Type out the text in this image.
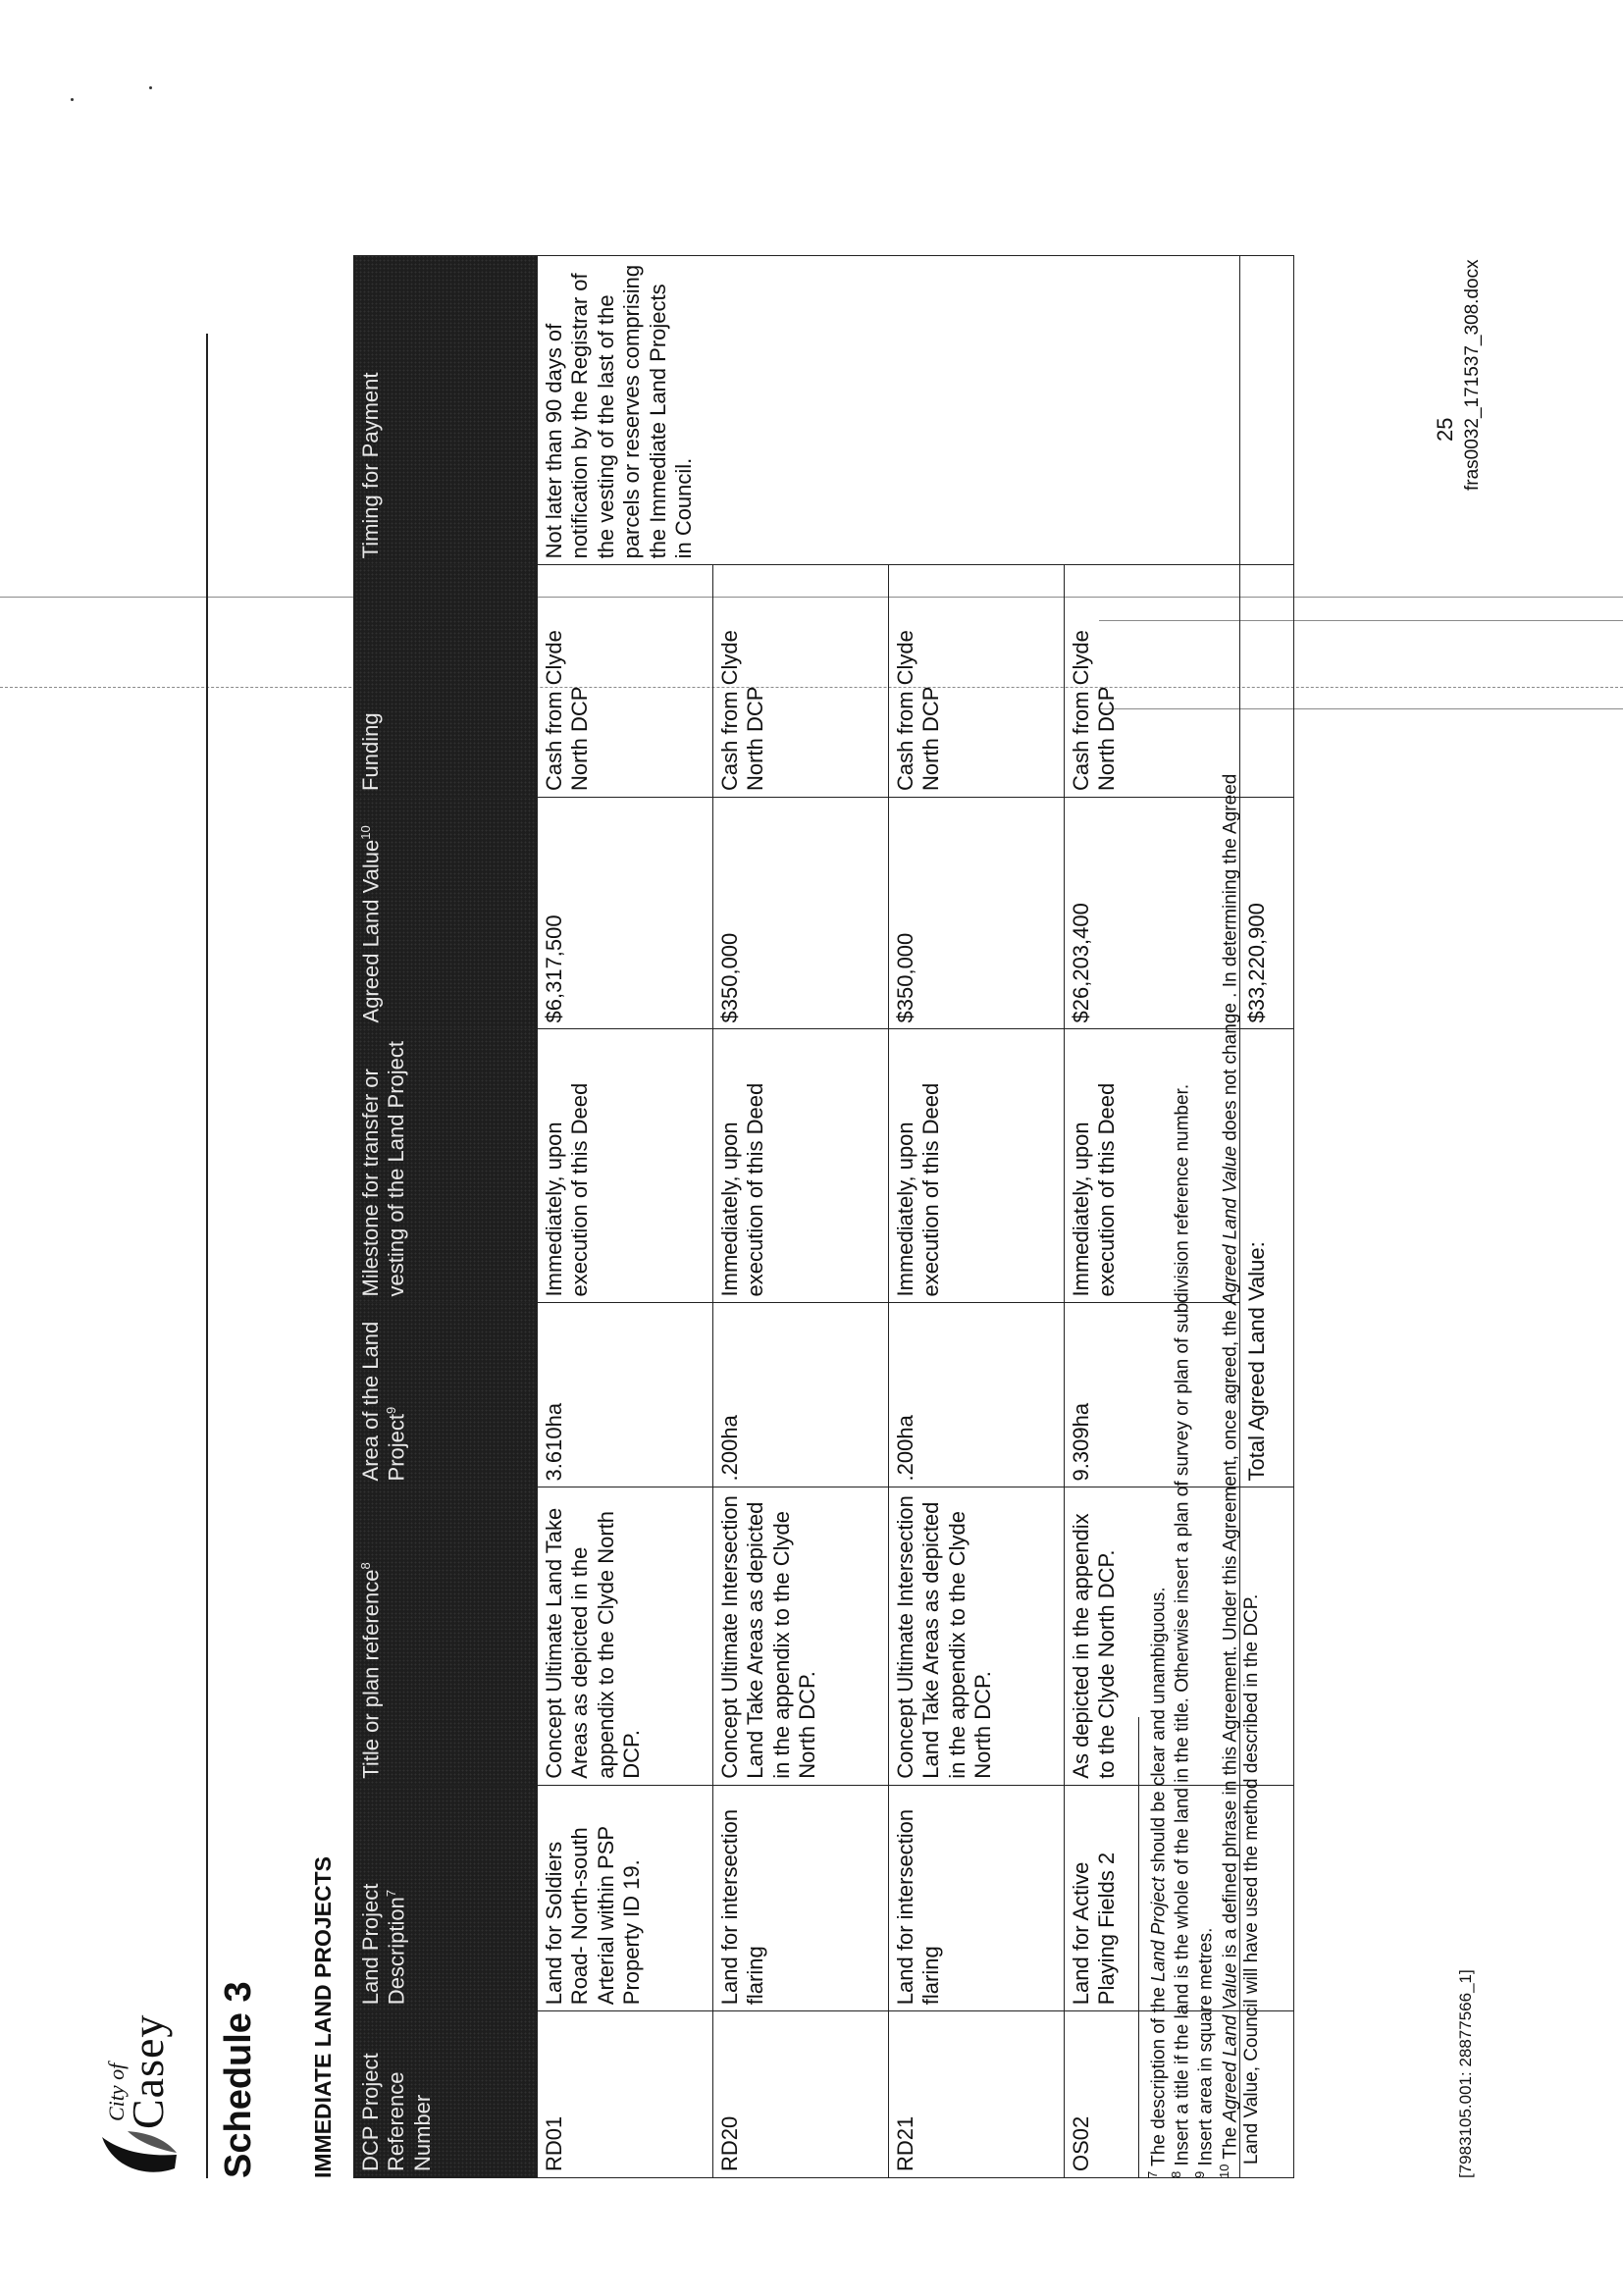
City of
Casey Schedule 3 IMMEDIATE LAND PROJECTS DCP Project Reference Number	Land Project Description$^7$	Title or plan reference$^8$	Area of the Land Project$^9$	Milestone for transfer or vesting of the Land Project	Agreed Land Value$^{10}$	Funding	Timing for Payment
RD01	Land for Soldiers Road- North-south Arterial within PSP Property ID 19.	Concept Ultimate Land Take Areas as depicted in the appendix to the Clyde North DCP.	3.610ha	Immediately, upon execution of this Deed	$6,317,500	Cash from Clyde North DCP	Not later than 90 days of notification by the Registrar of the vesting of the last of the parcels or reserves comprising the Immediate Land Projects in Council.
RD20	Land for intersection flaring	Concept Ultimate Intersection Land Take Areas as depicted in the appendix to the Clyde North DCP.	.200ha	Immediately, upon execution of this Deed	$350,000	Cash from Clyde North DCP	
RD21	Land for intersection flaring	Concept Ultimate Intersection Land Take Areas as depicted in the appendix to the Clyde North DCP.	.200ha	Immediately, upon execution of this Deed	$350,000	Cash from Clyde North DCP	
OS02	Land for Active Playing Fields 2	As depicted in the appendix to the Clyde North DCP.	9.309ha	Immediately, upon execution of this Deed	$26,203,400	Cash from Clyde North DCP	
			Total Agreed Land Value:		$33,220,900		

$^7$ The description of the Land Project should be clear and unambiguous.

$^8$ Insert a title if the land is the whole of the land in the title. Otherwise insert a plan of survey or plan of subdivision reference number.

$^9$ Insert area in square metres.

$^{10}$ The Agreed Land Value is a defined phrase in this Agreement. Under this Agreement, once agreed, the Agreed Land Value does not change . In determining the Agreed

Land Value, Council will have used the method described in the DCP.	[7983105.001: 28877566_1]
25 fras0032_171537_308.docx
